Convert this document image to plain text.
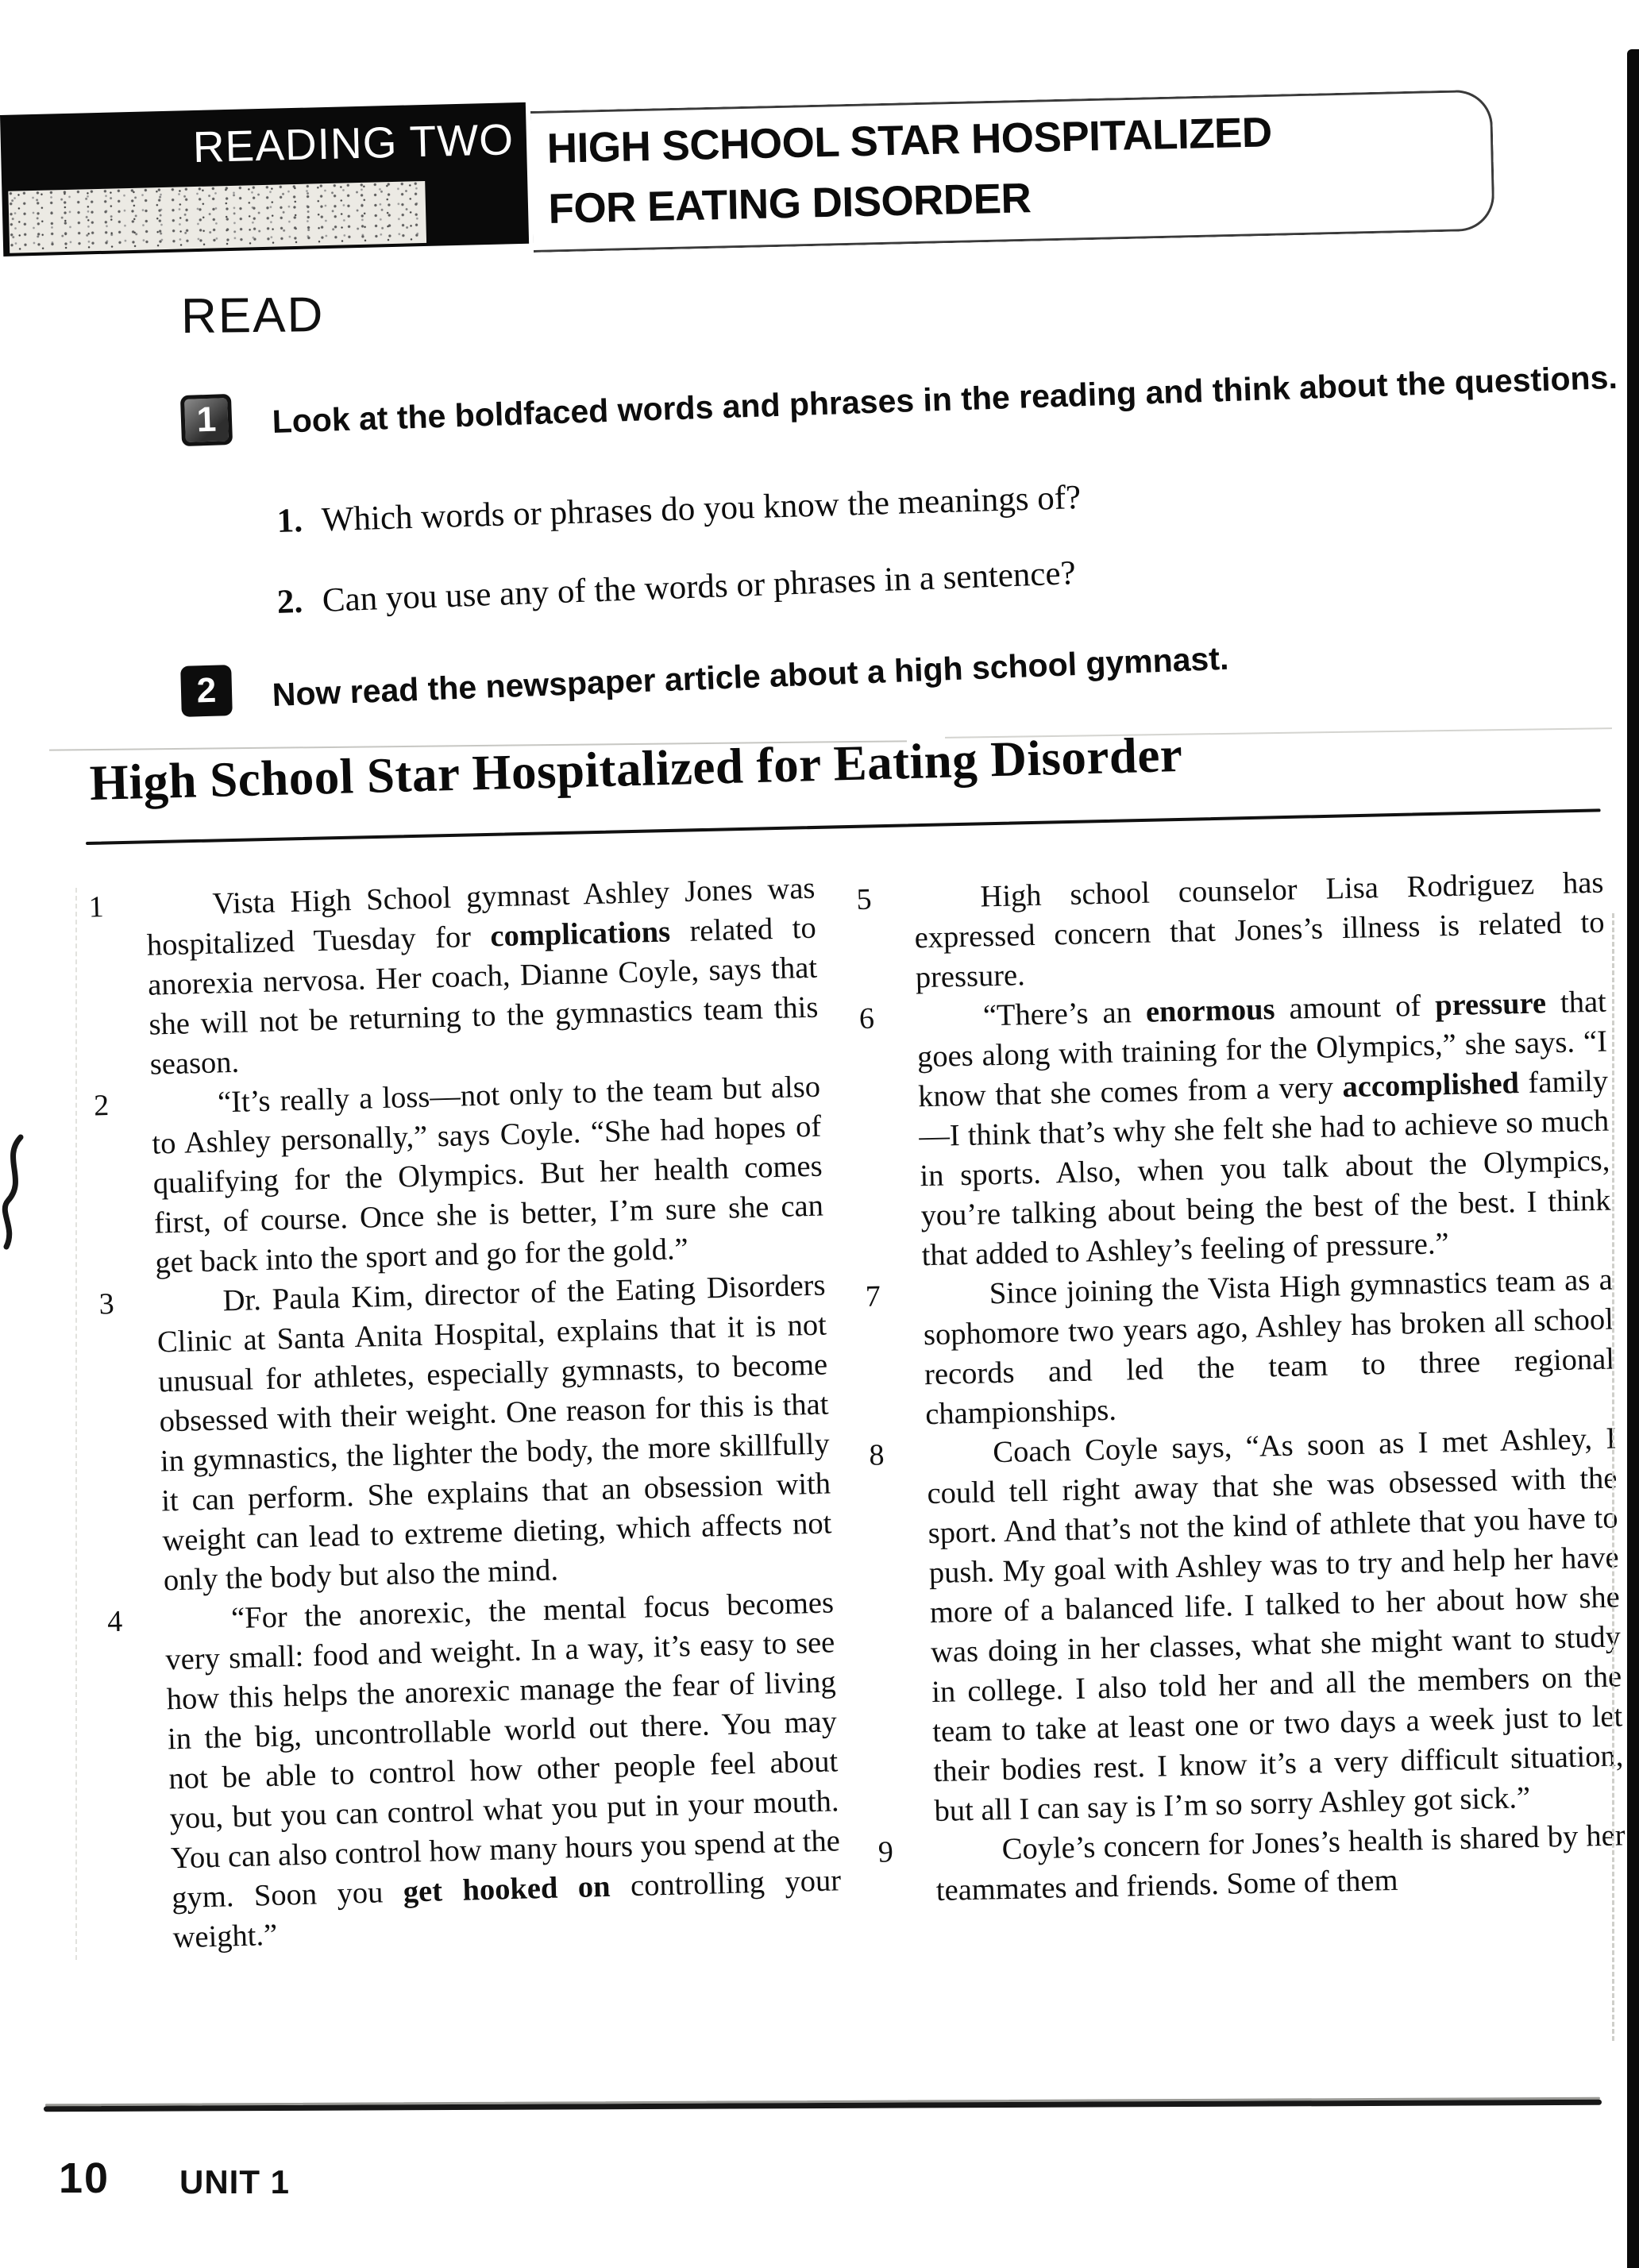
READING TWO HIGH SCHOOL STAR HOSPITALIZED
FOR EATING DISORDER
READ
1	Look at the boldfaced words and phrases in the reading and think about the questions.
1. Which words or phrases do you know the meanings of?
2. Can you use any of the words or phrases in a sentence?
2	Now read the newspaper article about a high school gymnast.
High School Star Hospitalized for Eating Disorder
1	Vista High School gymnast Ashley Jones was hospitalized Tuesday for complications related to anorexia nervosa. Her coach, Dianne Coyle, says that she will not be returning to the gymnastics team this season.
2	“It’s really a loss—not only to the team but also to Ashley personally,” says Coyle. “She had hopes of qualifying for the Olympics. But her health comes first, of course. Once she is better, I’m sure she can get back into the sport and go for the gold.”
3	Dr. Paula Kim, director of the Eating Disorders Clinic at Santa Anita Hospital, explains that it is not unusual for athletes, especially gymnasts, to become obsessed with their weight. One reason for this is that in gymnastics, the lighter the body, the more skillfully it can perform. She explains that an obsession with weight can lead to extreme dieting, which affects not only the body but also the mind.
4	“For the anorexic, the mental focus becomes very small: food and weight. In a way, it’s easy to see how this helps the anorexic manage the fear of living in the big, uncontrollable world out there. You may not be able to control how other people feel about you, but you can control what you put in your mouth. You can also control how many hours you spend at the gym. Soon you get hooked on controlling your weight.”
5	High school counselor Lisa Rodriguez has expressed concern that Jones’s illness is related to pressure.
6	“There’s an enormous amount of pressure that goes along with training for the Olympics,” she says. “I know that she comes from a very accomplished family—I think that’s why she felt she had to achieve so much in sports. Also, when you talk about the Olympics, you’re talking about being the best of the best. I think that added to Ashley’s feeling of pressure.”
7	Since joining the Vista High gymnastics team as a sophomore two years ago, Ashley has broken all school records and led the team to three regional championships.
8	Coach Coyle says, “As soon as I met Ashley, I could tell right away that she was obsessed with the sport. And that’s not the kind of athlete that you have to push. My goal with Ashley was to try and help her have more of a balanced life. I talked to her about how she was doing in her classes, what she might want to study in college. I also told her and all the members on the team to take at least one or two days a week just to let their bodies rest. I know it’s a very difficult situation, but all I can say is I’m so sorry Ashley got sick.”
9	Coyle’s concern for Jones’s health is shared by her teammates and friends. Some of them
10 UNIT 1
